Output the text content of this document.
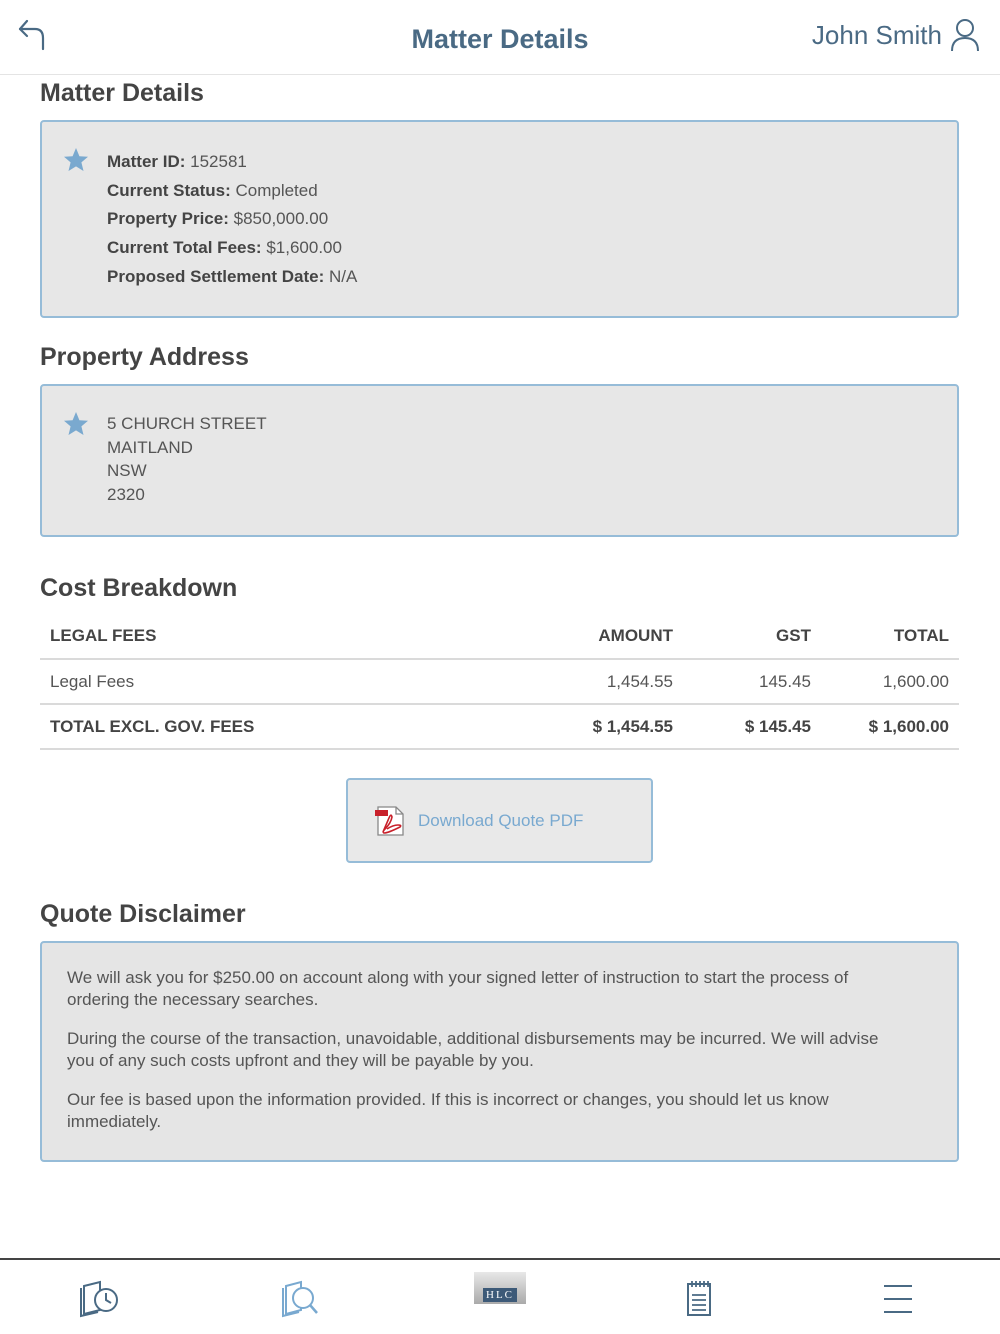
Matter Details	John Smith
Matter Details
Matter ID: 152581
Current Status: Completed
Property Price: $850,000.00
Current Total Fees: $1,600.00
Proposed Settlement Date: N/A
Property Address
5 CHURCH STREET
MAITLAND
NSW
2320
Cost Breakdown
LEGAL FEES	AMOUNT	GST	TOTAL
Legal Fees	1,454.55	145.45	1,600.00
TOTAL EXCL. GOV. FEES	$ 1,454.55	$ 145.45	$ 1,600.00
Download Quote PDF
Quote Disclaimer

We will ask you for $250.00 on account along with your signed letter of instruction to start the process of ordering the necessary searches.

During the course of the transaction, unavoidable, additional disbursements may be incurred. We will advise you of any such costs upfront and they will be payable by you.

Our fee is based upon the information provided. If this is incorrect or changes, you should let us know immediately.

HLC
